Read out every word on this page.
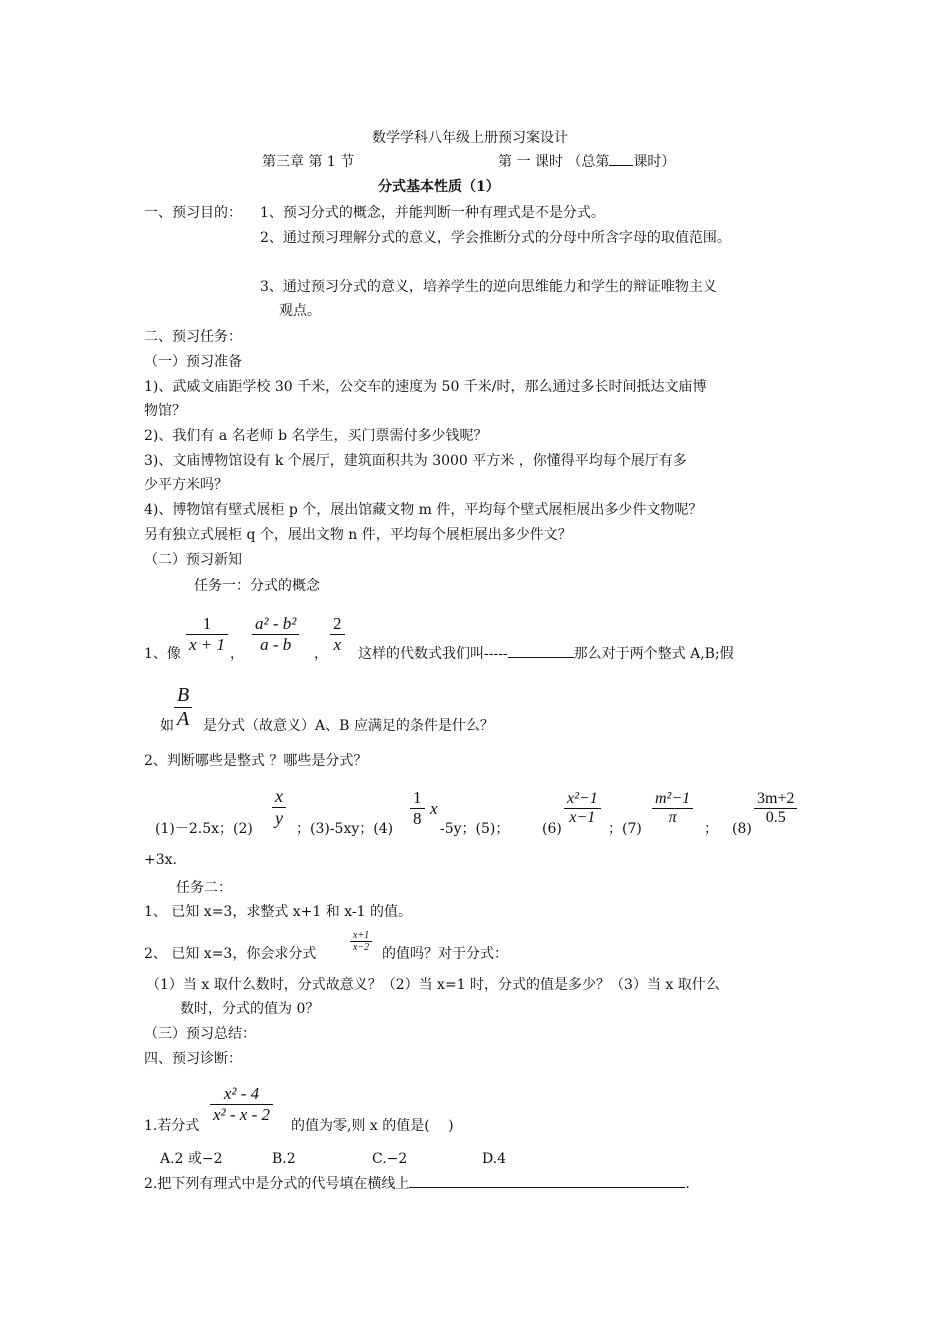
数学学科八年级上册预习案设计
第三章 第 1 节	第 一 课时 （总第 课时）
分式基本性质（1）
一、预习目的： 1、预习分式的概念，并能判断一种有理式是不是分式。
2、通过预习理解分式的意义，学会推断分式的分母中所含字母的取值范围。
3、通过预习分式的意义，培养学生的逆向思维能力和学生的辩证唯物主义
观点。
二、预习任务：
（一）预习准备
1)、武威文庙距学校 30 千米，公交车的速度为 50 千米/时，那么通过多长时间抵达文庙博
物馆？
2)、我们有 a 名老师 b 名学生，买门票需付多少钱呢？
3)、文庙博物馆设有 k 个展厅，建筑面积共为 3000 平方米 ，你懂得平均每个展厅有多
少平方米吗？
4)、博物馆有壁式展柜 p 个，展出馆藏文物 m 件，平均每个壁式展柜展出多少件文物呢？
另有独立式展柜 q 个，展出文物 n 件，平均每个展柜展出多少件文？
（二）预习新知
任务一：分式的概念
1、像
1
x + 1 ，
a² - b²
a - b	，
2
x 这样的代数式我们叫-----	那么对于两个整式 A,B;假
如
B
A 是分式（故意义）A、B 应满足的条件是什么？
2、判断哪些是整式 ？哪些是分式？
(1)－2.5x；(2)
x
y
；(3)-5xy；(4)
1
8
x
-5y；(5)； (6)
x²−1
x−1
；(7)
m²−1
π
； (8)
3m+2
0.5
+3x.
任务二：
1、 已知 x=3，求整式 x+1 和 x-1 的值。
2、 已知 x=3，你会求分式
x+1
x−2 的值吗？对于分式：
（1）当 x 取什么数时，分式故意义？（2）当 x=1 时，分式的值是多少？（3）当 x 取什么
数时，分式的值为 0？
（三）预习总结：
四、预习诊断：
1.若分式
x² - 4
x² - x - 2
的值为零,则 x 的值是(　 )
A.2 或−2	B.2	C.−2	D.4
2.把下列有理式中是分式的代号填在横线上	.
